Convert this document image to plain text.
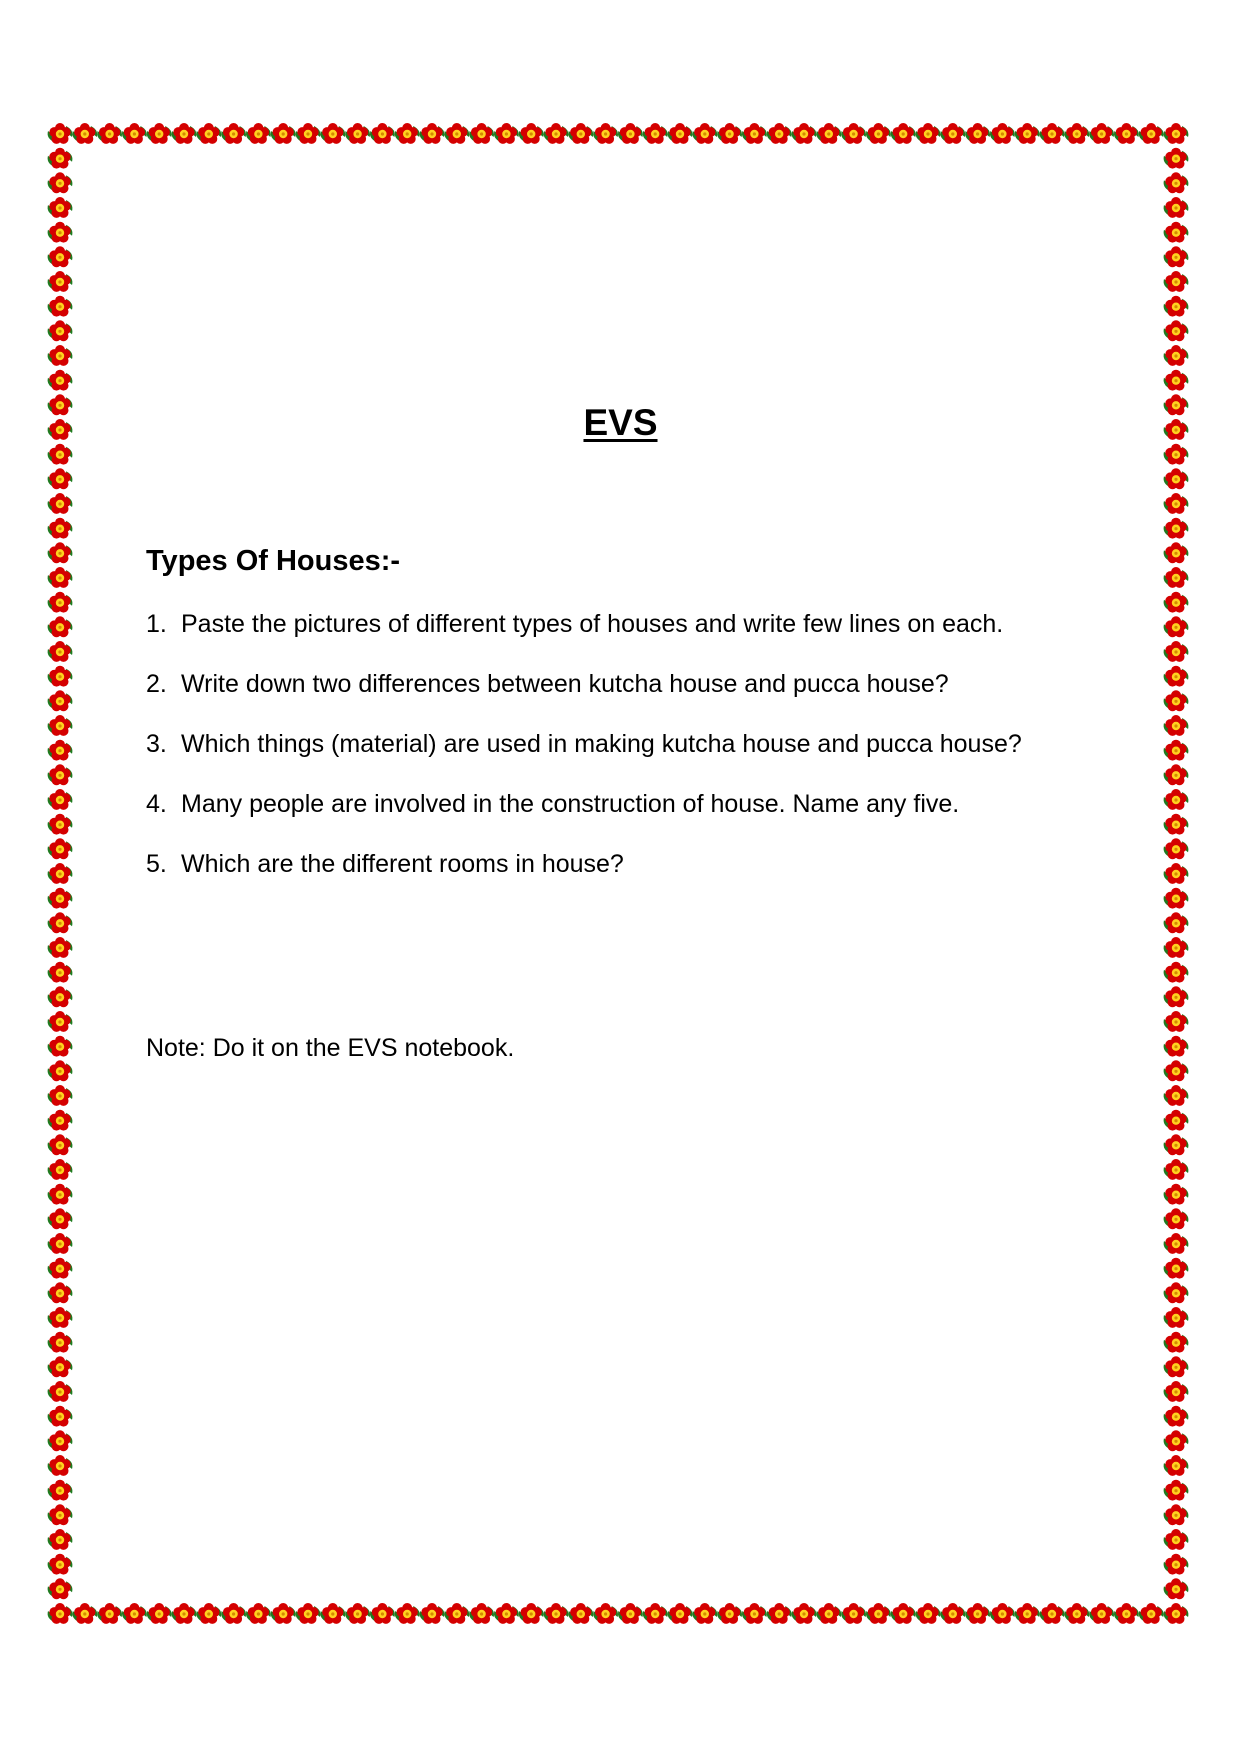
EVS
Types Of Houses:-
1. Paste the pictures of different types of houses and write few lines on each.
2. Write down two differences between kutcha house and pucca house?
3. Which things (material) are used in making kutcha house and pucca house?
4. Many people are involved in the construction of house. Name any five.
5. Which are the different rooms in house?
Note: Do it on the EVS notebook.
